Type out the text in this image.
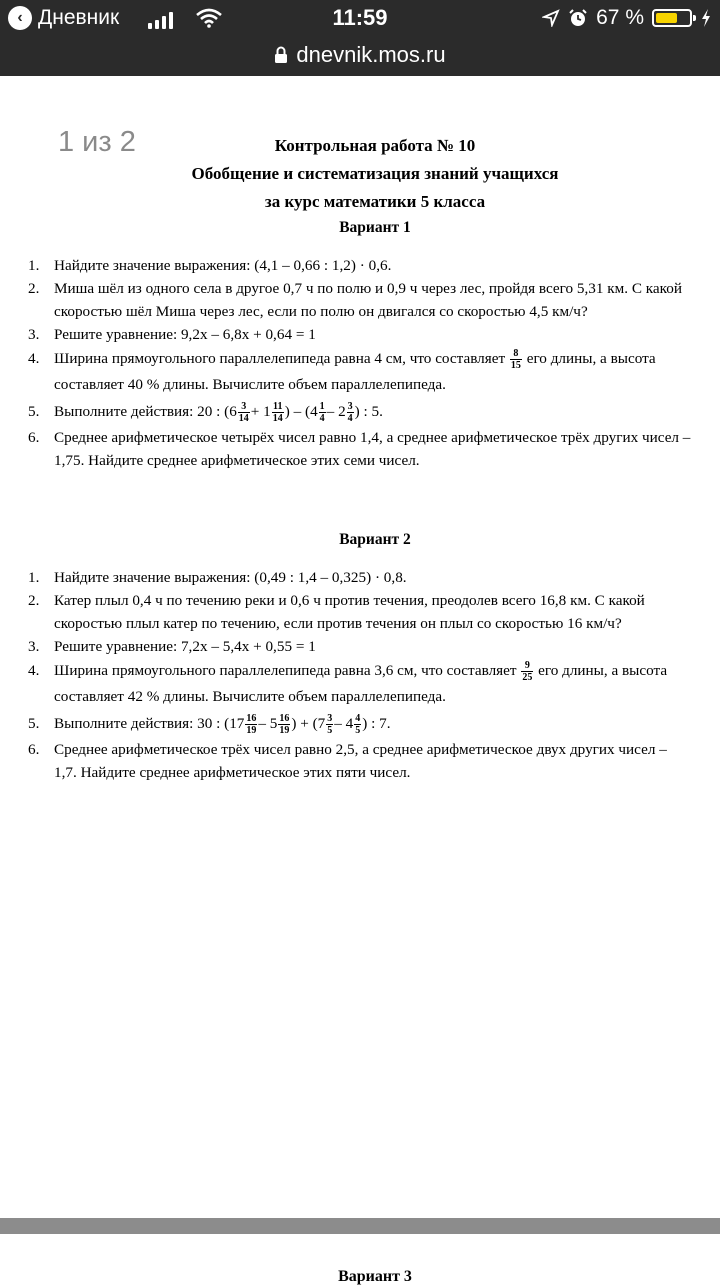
‹ Дневник	11:59	67 %
dnevnik.mos.ru
1 из 2	Контрольная работа № 10
Обобщение и систематизация знаний учащихся
за курс математики 5 класса
Вариант 1
1. Найдите значение выражения: (4,1 – 0,66 : 1,2) · 0,6.
2. Миша шёл из одного села в другое 0,7 ч по полю и 0,9 ч через лес, пройдя всего 5,31 км. С какой скоростью шёл Миша через лес, если по полю он двигался со скоростью 4,5 км/ч?
3. Решите уравнение: 9,2x – 6,8x + 0,64 = 1
4. Ширина прямоугольного параллелепипеда равна 4 см, что составляет $\frac{8}{15}$ его длины, а высота составляет 40 % длины. Вычислите объем параллелепипеда.
5. Выполните действия: 20 : ($6 \frac{3}{14} + 1 \frac{11}{14}$ ) – ($4 \frac{1}{4} - 2 \frac{3}{4}$ ) : 5.
6. Среднее арифметическое четырёх чисел равно 1,4, а среднее арифметическое трёх других чисел – 1,75. Найдите среднее арифметическое этих семи чисел.
Вариант 2
1. Найдите значение выражения: (0,49 : 1,4 – 0,325) · 0,8.
2. Катер плыл 0,4 ч по течению реки и 0,6 ч против течения, преодолев всего 16,8 км. С какой скоростью плыл катер по течению, если против течения он плыл со скоростью 16 км/ч?
3. Решите уравнение: 7,2x – 5,4x + 0,55 = 1
4. Ширина прямоугольного параллелепипеда равна 3,6 см, что составляет $\frac{9}{25}$ его длины, а высота составляет 42 % длины. Вычислите объем параллелепипеда.
5. Выполните действия: 30 : ($17 \frac{16}{19} - 5 \frac{16}{19}$ ) + ($7 \frac{3}{5} - 4 \frac{4}{5}$ ) : 7.
6. Среднее арифметическое трёх чисел равно 2,5, а среднее арифметическое двух других чисел – 1,7. Найдите среднее арифметическое этих пяти чисел.
Вариант 3
